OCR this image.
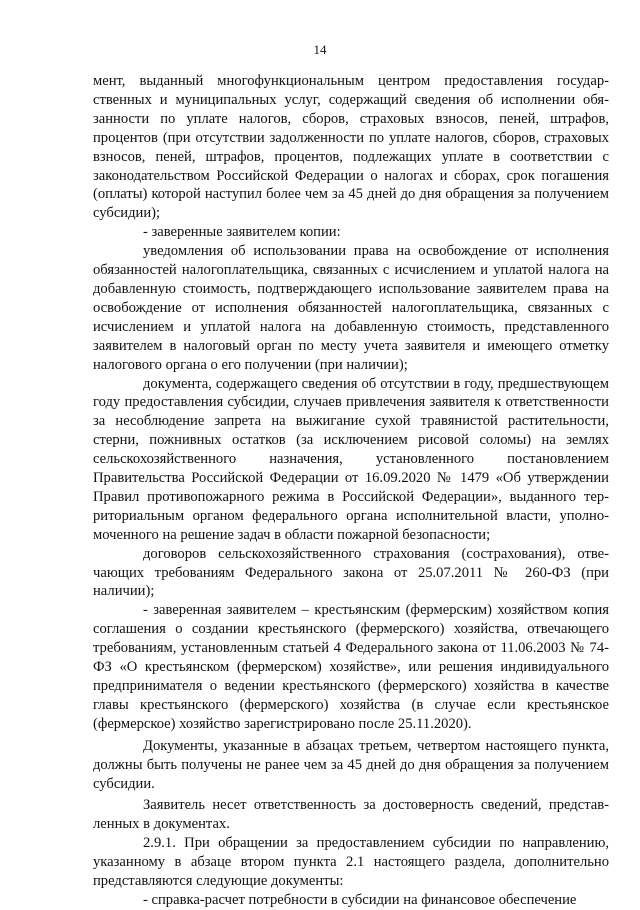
14

мент, выданный многофункциональным центром предоставления государственных и муниципальных услуг, содержащий сведения об исполнении обязанности по уплате налогов, сборов, страховых взносов, пеней, штрафов, процентов (при отсутствии задолженности по уплате налогов, сборов, страховых взносов, пеней, штрафов, процентов, подлежащих уплате в соответствии с законодательством Российской Федерации о налогах и сборах, срок погашения (оплаты) которой наступил более чем за 45 дней до дня обращения за получением субсидии);

- заверенные заявителем копии:

уведомления об использовании права на освобождение от исполнения обязанностей налогоплательщика, связанных с исчислением и уплатой налога на добавленную стоимость, подтверждающего использование заявителем права на освобождение от исполнения обязанностей налогоплательщика, связанных с исчислением и уплатой налога на добавленную стоимость, представленного заявителем в налоговый орган по месту учета заявителя и имеющего отметку налогового органа о его получении (при наличии);

документа, содержащего сведения об отсутствии в году, предшествующем году предоставления субсидии, случаев привлечения заявителя к ответственности за несоблюдение запрета на выжигание сухой травянистой растительности, стерни, пожнивных остатков (за исключением рисовой соломы) на землях сельскохозяйственного назначения, установленного постановлением Правительства Российской Федерации от 16.09.2020 № 1479 «Об утверждении Правил противопожарного режима в Российской Федерации», выданного территориальным органом федерального органа исполнительной власти, уполномоченного на решение задач в области пожарной безопасности;

договоров сельскохозяйственного страхования (сострахования), отвечающих требованиям Федерального закона от 25.07.2011 № 260-ФЗ (при наличии);

- заверенная заявителем – крестьянским (фермерским) хозяйством копия соглашения о создании крестьянского (фермерского) хозяйства, отвечающего требованиям, установленным статьей 4 Федерального закона от 11.06.2003 № 74-ФЗ «О крестьянском (фермерском) хозяйстве», или решения индивидуального предпринимателя о ведении крестьянского (фермерского) хозяйства в качестве главы крестьянского (фермерского) хозяйства (в случае если крестьянское (фермерское) хозяйство зарегистрировано после 25.11.2020).

Документы, указанные в абзацах третьем, четвертом настоящего пункта, должны быть получены не ранее чем за 45 дней до дня обращения за получением субсидии.

Заявитель несет ответственность за достоверность сведений, представленных в документах.

2.9.1. При обращении за предоставлением субсидии по направлению, указанному в абзаце втором пункта 2.1 настоящего раздела, дополнительно представляются следующие документы:

- справка-расчет потребности в субсидии на финансовое обеспечение
